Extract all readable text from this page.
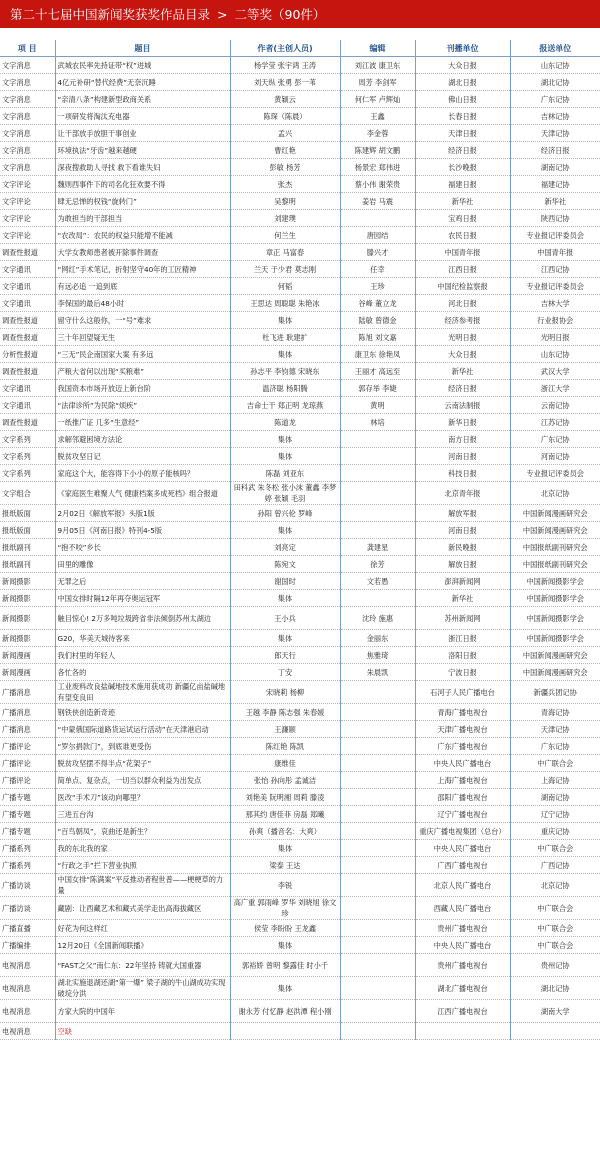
第二十七届中国新闻奖获奖作品目录 > 二等奖（90件）
项 目	题目	作者(主创人员)	编辑	刊播单位	报送单位
文字消息	武城农民率先持证带“权”进城	杨学莹 张宇鸿 王涛	刘江波 康卫东	大众日报	山东记协
文字消息	4亿元补研“替代经费”无奈沉睡	刘天纵 张勇 彭一苇	周芳 李剑军	湖北日报	湖北记协
文字消息	“亲清八条”构建新型政商关系	黄颖云	何仁军 卢辉灿	佛山日报	广东记协
文字消息	一项研发将淘汰充电器	陈琛（陈晨）	王鑫	长春日报	吉林记协
文字消息	让干部放手放胆干事创业	孟兴	李金蓉	天津日报	天津记协
文字消息	环境执法“牙齿”越来越硬	曹红艳	陈建辉 胡文鹏	经济日报	经济日报
文字消息	深夜搜救助人寻找 救下看谁失妇	彭敏 杨芳	杨景宏 郑伟进	长沙晚报	湖南记协
文字评论	魏则西事件下的司名化狂欢要不得	张杰	蔡小伟 谢荣贵	福建日报	福建记协
文字评论	肆无忌惮的权钱“旋转门”	吴黎明	姜岩 马震	新华社	新华社
文字评论	为敢担当的干部担当	刘建璞		宝鸡日报	陕西记协
文字评论	“农改局”：农民的权益只能增不能减	何兰生	唐园结	农民日报	专业报记评委员会
调查性报道	大学女教师患者被开除事件调查	章正 马富春	滕兴才	中国青年报	中国青年报
文字通讯	“网红”手术笔记，折射坚守40年的工匠精神	兰天 于少君 莫志刚	任幸	江西日报	江西记协
文字通讯	有远必追 一追到底	何韬	王珍	中国纪检监察报	专业报记评委员会
文字通讯	李保国的最后48小时	王思达 周聪聪 朱艳冰	谷峰 董立龙	河北日报	吉林大学
调查性报道	留守什么这般你，一“号”难求	集体	陆敏 曾德金	经济参考报	行业报协会
调查性报道	三十年回望疑无生	杜飞进 耿建扩	陈旭 刘文嘉	光明日报	光明日报
分析性报道	“三无”民企南国家大案 有多远	集体	康卫东 徐艳凤	大众日报	山东记协
调查性报道	产粮大省何以出现“买粮难”	孙志平 李钧德 宋晓东	王丽才 高远至	新华社	武汉大学
文字通讯	我国资本市场开放迈上新台阶	温济聪 杨阳腾	郭存举 李婕	经济日报	浙江大学
文字通讯	“法律诊所”为民除“烦疾”	吉命士干 郑正明 龙琼燕	黄明	云南法制报	云南记协
调查性报道	一纸推广证 几多“生意经”	陈道龙	林培	新华日报	江苏记协
文字系列	求解邻避困境方法论	集体		南方日报	广东记协
文字系列	脱贫攻坚日记	集体		河南日报	河南记协
文字系列	家庭这个大，能容得下小小的原子能核吗？	陈磊 刘亚东		科技日报	专业报记评委员会
文字组合	《家庭医生难聚人气 健康档案多成死档》组合报道	田科武 朱冬松 张小沫 董鑫 李梦婷 张颖 毛羽		北京青年报	北京记协
报纸版面	2月02日《解放军报》头版1版	孙阳 曾兴伦 罗峰		解放军报	中国新闻漫画研究会
报纸版面	9月05日《河南日报》特刊4-5版	集体		河南日报	中国新闻漫画研究会
报纸副刊	“抱不咬”乡长	刘亮定	龚建星	新民晚报	中国报纸副刊研究会
报纸副刊	田里的雕像	陈宛文	徐芳	解放日报	中国报纸副刊研究会
新闻摄影	无罪之后	谢国时	文若愚	澎湃新闻网	中国新闻摄影学会
新闻摄影	中国女排时隔12年再夺奥运冠军	集体		新华社	中国新闻摄影学会
新闻摄影	触目惊心! 2万多吨垃圾跨省非法倾倒苏州太湖边	王小兵	沈玲 施惠	苏州新闻网	中国新闻摄影学会
新闻摄影	G20，华美天城待客来	集体	金丽东	浙江日报	中国新闻摄影学会
新闻漫画	我们村里的年轻人	郎天行	焦雅琦	洛阳日报	中国新闻漫画研究会
新闻漫画	各忙各的	丁安	朱晨凯	宁波日报	中国新闻漫画研究会
广播消息	工业废料改良盐碱地技术施用获成功 新疆亿亩盐碱地有望变良田	宋晓莉 杨柳		石河子人民广播电台	新疆兵团记协
广播消息	钢铁侠创造新奇迹	王越 李静 陈志强 朱春媛		青海广播电视台	青海记协
广播消息	“中蒙俄国际道路货运试运行活动”在天津港启动	王濂颐		天津广播电视台	天津记协
广播评论	“罗尔捐款门”，到底谁更受伤	陈红艳 陈凯		广东广播电视台	广东记协
广播评论	脱贫攻坚摆不得半点“花架子”	康维佳		中央人民广播电台	中广联合会
广播评论	简单点、复杂点，一切当以群众利益为出发点	张怡 孙向彤 孟诚洁		上海广播电视台	上海记协
广播专题	医改“手术刀”该动向哪里？	刘艳美 阮明湘 周莉 滕凌		邵阳广播电视台	湖南记协
广播专题	三进五台沟	那其约 唐佳菲 房磊 郑曦		辽宁广播电视台	辽宁记协
广播专题	“百鸟朝凤”，哀曲还是新生？	孙爽（播音名：大爽）		重庆广播电视集团（总台）	重庆记协
广播系列	我的东北我的家	集体		中央人民广播电台	中广联合会
广播系列	“行政之手”拦下营业执照	梁泰 王达		广西广播电视台	广西记协
广播访谈	中国女排“陈满案”平反推动者程世普——梗梗草的力量	李锐		北京人民广播电台	北京记协
广播访谈	藏剧：让西藏艺术和藏式美学走出高海拔藏区	高广重 郭雨峰 罗华 刘晓旭 徐文珍		西藏人民广播电台	中广联合会
广播直播	好花为何这样红	侯莹 李盼盼 王龙鑫		贵州广播电视台	中广联合会
广播编排	12月20日《全国新闻联播》	集体		中央人民广播电台	中广联合会
电视消息	“FAST之父”南仁东：22年坚持 铸就大国重器	郭裕娇 曾明 黎露佳 时小千		贵州广播电视台	贵州记协
电视消息	湖北实施退湖还湖“第一爆” 梁子湖的牛山湖成功实现破垸分洪	集体		湖北广播电视台	湖北记协
电视消息	方家大院的中国年	谢永芳 付忆静 赵洪潭 程小刚		江西广播电视台	湖南大学
电视消息	空缺				
